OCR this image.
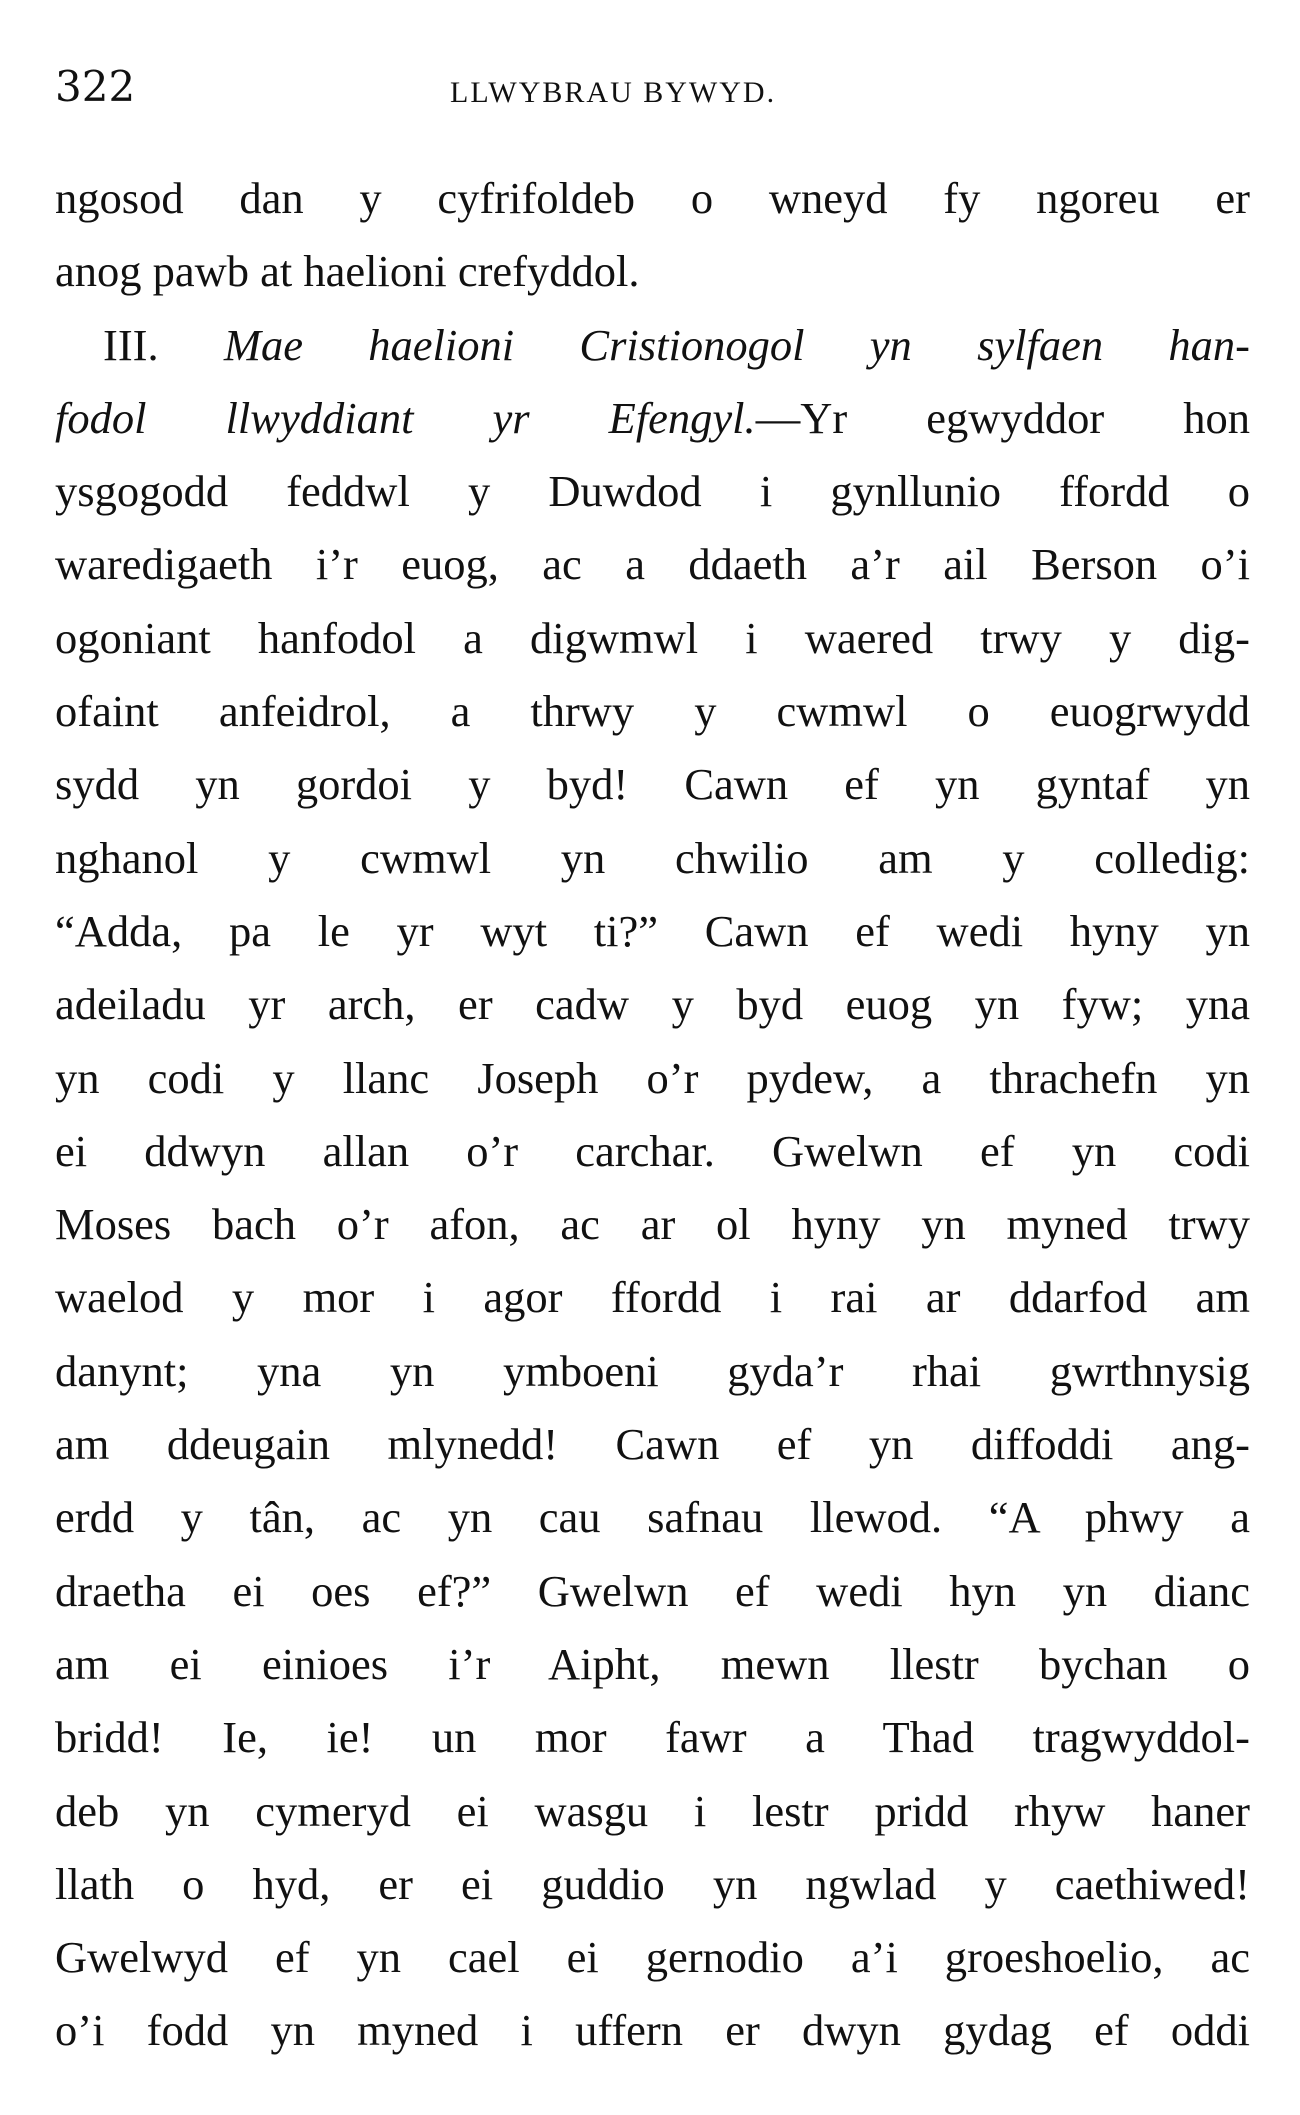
322	LLWYBRAU BYWYD.
ngosod dan y cyfrifoldeb o wneyd fy ngoreu er
anog pawb at haelioni crefyddol.
III. Mae haelioni Cristionogol yn sylfaen han-
fodol llwyddiant yr Efengyl.—Yr egwyddor hon
ysgogodd feddwl y Duwdod i gynllunio ffordd o
waredigaeth i’r euog, ac a ddaeth a’r ail Berson o’i
ogoniant hanfodol a digwmwl i waered trwy y dig-
ofaint anfeidrol, a thrwy y cwmwl o euogrwydd
sydd yn gordoi y byd! Cawn ef yn gyntaf yn
nghanol y cwmwl yn chwilio am y colledig:
“Adda, pa le yr wyt ti?” Cawn ef wedi hyny yn
adeiladu yr arch, er cadw y byd euog yn fyw; yna
yn codi y llanc Joseph o’r pydew, a thrachefn yn
ei ddwyn allan o’r carchar. Gwelwn ef yn codi
Moses bach o’r afon, ac ar ol hyny yn myned trwy
waelod y mor i agor ffordd i rai ar ddarfod am
danynt; yna yn ymboeni gyda’r rhai gwrthnysig
am ddeugain mlynedd! Cawn ef yn diffoddi ang-
erdd y tân, ac yn cau safnau llewod. “A phwy a
draetha ei oes ef?” Gwelwn ef wedi hyn yn dianc
am ei einioes i’r Aipht, mewn llestr bychan o
bridd! Ie, ie! un mor fawr a Thad tragwyddol-
deb yn cymeryd ei wasgu i lestr pridd rhyw haner
llath o hyd, er ei guddio yn ngwlad y caethiwed!
Gwelwyd ef yn cael ei gernodio a’i groeshoelio, ac
o’i fodd yn myned i uffern er dwyn gydag ef oddi
